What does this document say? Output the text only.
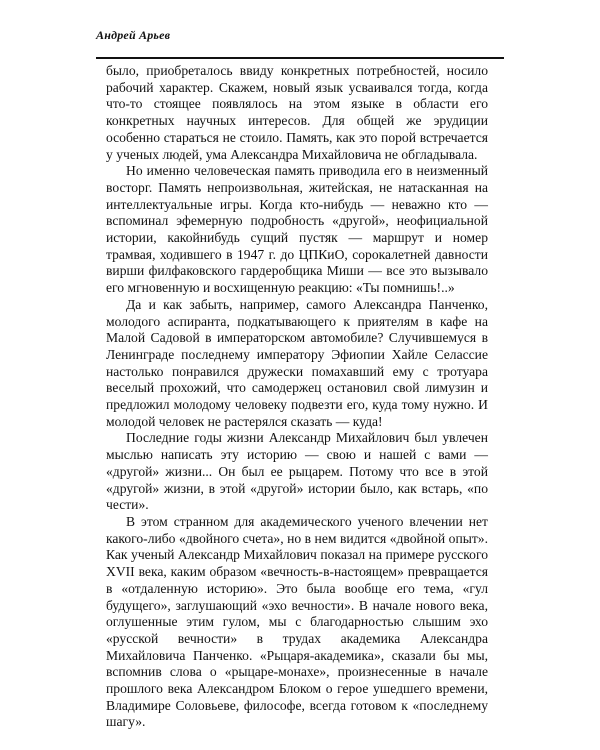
Андрей Арьев

было, приобреталось ввиду конкретных потребностей, носило рабочий характер. Скажем, новый язык усваивался тогда, когда что-то стоящее появлялось на этом языке в области его конкретных научных интересов. Для общей же эрудиции особенно стараться не стоило. Память, как это порой встречается у ученых людей, ума Александра Михайловича не обгладывала.

Но именно человеческая память приводила его в неизменный восторг. Память непроизвольная, житейская, не натасканная на интеллектуальные игры. Когда кто-нибудь — неважно кто — вспоминал эфемерную подробность «другой», неофициальной истории, какойнибудь сущий пустяк — маршрут и номер трамвая, ходившего в 1947 г. до ЦПКиО, сорокалетней давности вирши филфаковского гардеробщика Миши — все это вызывало его мгновенную и восхищенную реакцию: «Ты помнишь!..»

Да и как забыть, например, самого Александра Панченко, молодого аспиранта, подкатывающего к приятелям в кафе на Малой Садовой в императорском автомобиле? Случившемуся в Ленинграде последнему императору Эфиопии Хайле Селассие настолько понравился дружески помахавший ему с тротуара веселый прохожий, что самодержец остановил свой лимузин и предложил молодому человеку подвезти его, куда тому нужно. И молодой человек не растерялся сказать — куда!

Последние годы жизни Александр Михайлович был увлечен мыслью написать эту историю — свою и нашей с вами — «другой» жизни... Он был ее рыцарем. Потому что все в этой «другой» жизни, в этой «другой» истории было, как встарь, «по чести».

В этом странном для академического ученого влечении нет какого-либо «двойного счета», но в нем видится «двойной опыт». Как ученый Александр Михайлович показал на примере русского XVII века, каким образом «вечность-в-настоящем» превращается в «отдаленную историю». Это была вообще его тема, «гул будущего», заглушающий «эхо вечности». В начале нового века, оглушенные этим гулом, мы с благодарностью слышим эхо «русской вечности» в трудах академика Александра Михайловича Панченко. «Рыцаря-академика», сказали бы мы, вспомнив слова о «рыцаре-монахе», произнесенные в начале прошлого века Александром Блоком о герое ушедшего времени, Владимире Соловьеве, философе, всегда готовом к «последнему шагу».
